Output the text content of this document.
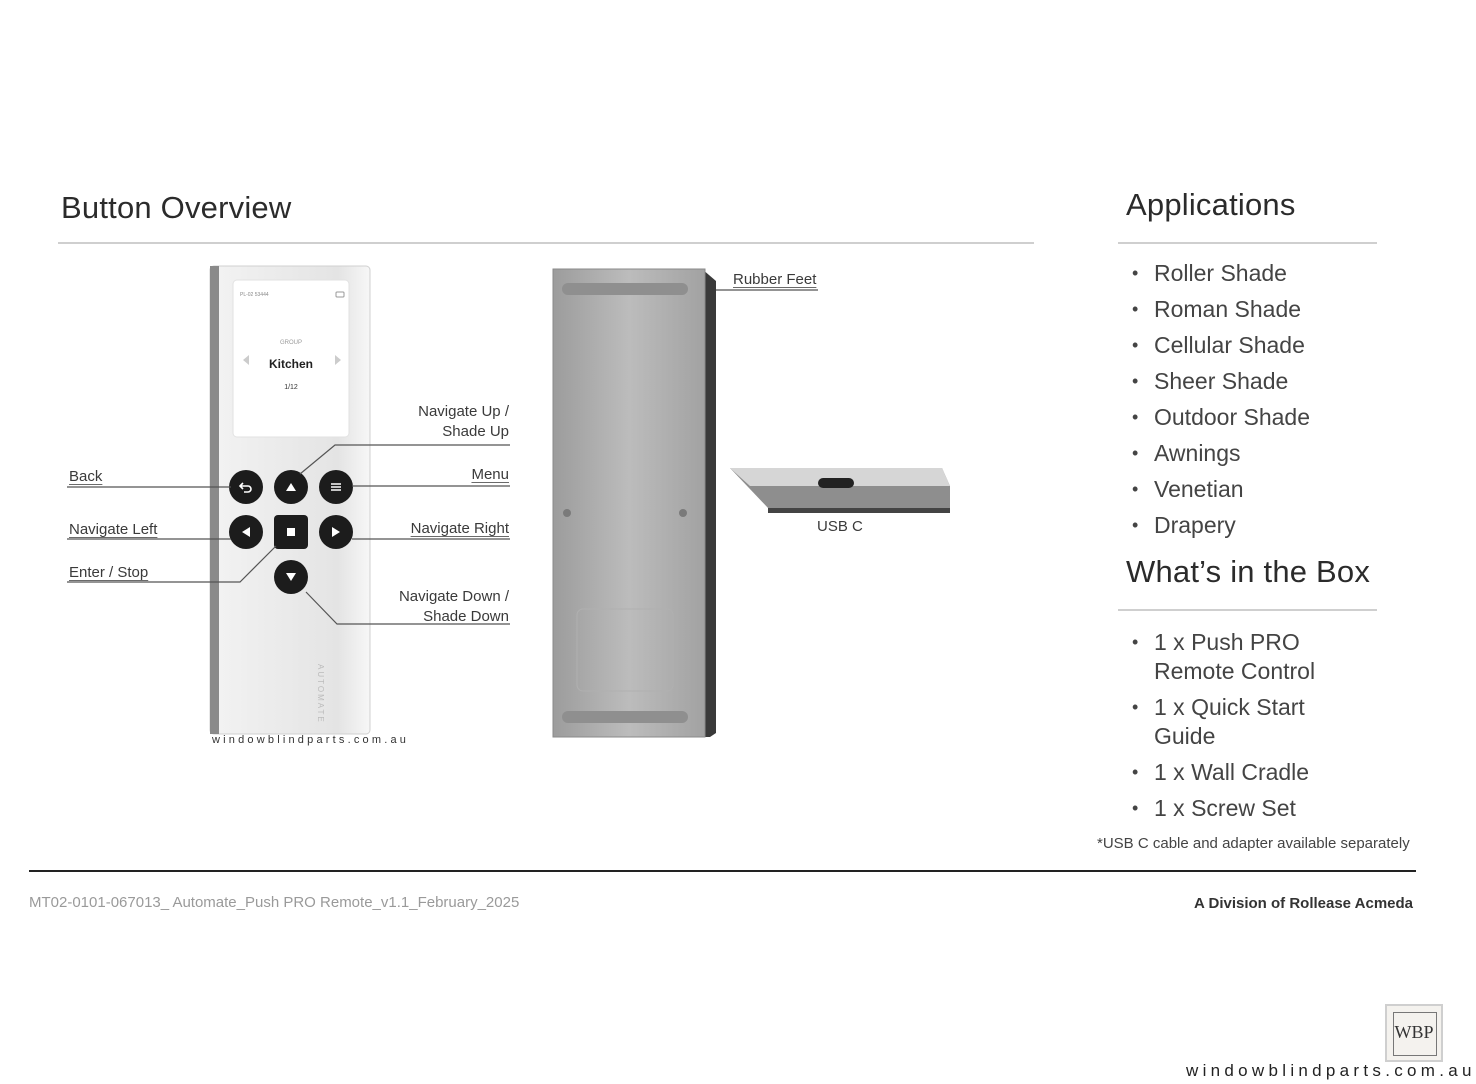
Button Overview
PL-02 53444
GROUP
Kitchen
1/12
AUTOMATE
Back
Navigate Left
Enter / Stop
Navigate Up / Shade Up
Menu
Navigate Right
Navigate Down / Shade Down
windowblindparts.com.au
Rubber Feet
USB C
Applications
• Roller Shade
• Roman Shade
• Cellular Shade
• Sheer Shade
• Outdoor Shade
• Awnings
• Venetian
• Drapery
What’s in the Box
• 1 x Push PRO Remote Control
• 1 x Quick Start Guide
• 1 x Wall Cradle
• 1 x Screw Set
*USB C cable and adapter available separately
MT02-0101-067013_ Automate_Push PRO Remote_v1.1_February_2025	A Division of Rollease Acmeda
WBP
windowblindparts.com.au
